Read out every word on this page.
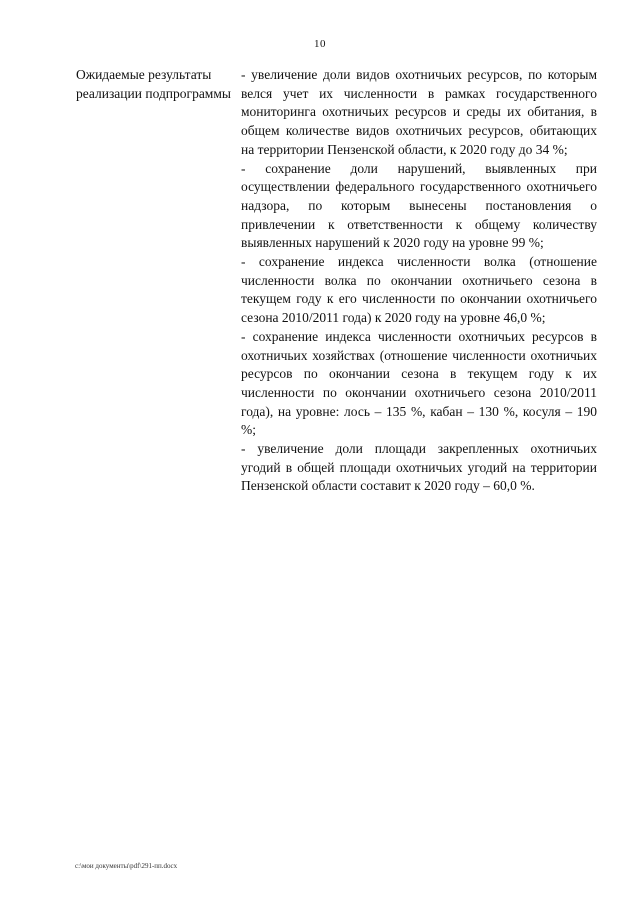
10
Ожидаемые результаты реализации подпрограммы

- увеличение доли видов охотничьих ресурсов, по которым велся учет их численности в рамках государственного мониторинга охотничьих ресурсов и среды их обитания, в общем количестве видов охотничьих ресурсов, обитающих на территории Пензенской области, к 2020 году до 34 %;

- сохранение доли нарушений, выявленных при осуществлении федерального государственного охотничьего надзора, по которым вынесены постановления о привлечении к ответственности к общему количеству выявленных нарушений к 2020 году на уровне 99 %;

- сохранение индекса численности волка (отношение численности волка по окончании охотничьего сезона в текущем году к его численности по окончании охотничьего сезона 2010/2011 года) к 2020 году на уровне 46,0 %;

- сохранение индекса численности охотничьих ресурсов в охотничьих хозяйствах (отношение численности охотничьих ресурсов по окончании сезона в текущем году к их численности по окончании охотничьего сезона 2010/2011 года), на уровне: лось – 135 %, кабан – 130 %, косуля – 190 %;

- увеличение доли площади закрепленных охотничьих угодий в общей площади охотничьих угодий на территории Пензенской области составит к 2020 году – 60,0 %.

c:\мои документы\pdf\291-пп.docx
